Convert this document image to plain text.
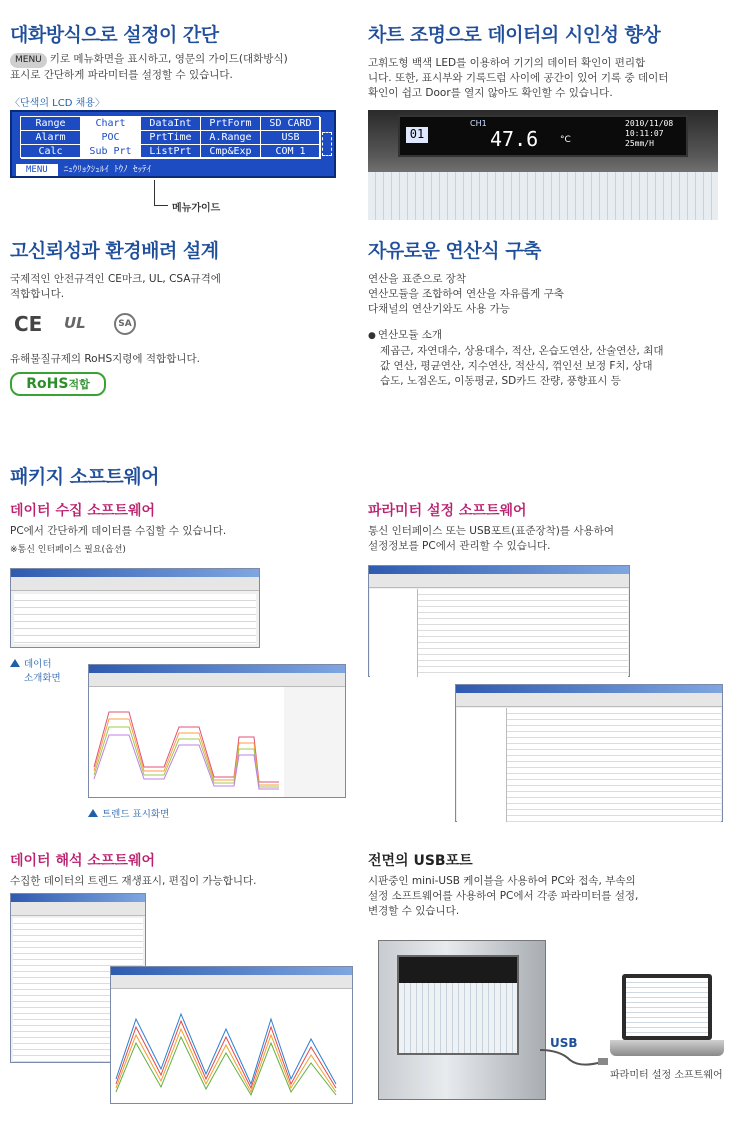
대화방식으로 설정이 간단
MENU 키로 메뉴화면을 표시하고, 영문의 가이드(대화방식)
표시로 간단하게 파라미터를 설정할 수 있습니다.
〈단색의 LCD 채용〉
Range	Chart	DataInt	PrtForm	SD CARD
Alarm	POC	PrtTime	A.Range	USB
Calc	Sub Prt	ListPrt	Cmp&Exp	COM 1
MENU ﾆｭｳﾘｮｸｼｭﾙｲ ﾄｳﾉ ｾｯﾃｲ
메뉴가이드
차트 조명으로 데이터의 시인성 향상
고휘도형 백색 LED를 이용하여 기기의 데이터 확인이 편리합
니다. 또한, 표시부와 기록드럼 사이에 공간이 있어 기록 중 데이터
확인이 쉽고 Door를 열지 않아도 확인할 수 있습니다.
01
CH1
47.6 °C
2010/11/08
10:11:07
25mm/H
고신뢰성과 환경배려 설계
국제적인 안전규격인 CE마크, UL, CSA규격에
적합합니다.
CE UL	SA
유해물질규제의 RoHS지령에 적합합니다.
RoHS적합
자유로운 연산식 구축
연산을 표준으로 장착
연산모듈을 조합하여 연산을 자유롭게 구축
다채널의 연산기와도 사용 가능
● 연산모듈 소개
제곱근, 자연대수, 상용대수, 적산, 온습도연산, 산술연산, 최대
값 연산, 평균연산, 지수연산, 적산식, 꺾인선 보정 F치, 상대
습도, 노점온도, 이동평균, SD카드 잔량, 풍향표시 등
패키지 소프트웨어
데이터 수집 소프트웨어
PC에서 간단하게 데이터를 수집할 수 있습니다.
※통신 인터페이스 필요(옵션)
데이터
소개화면
트렌드 표시화면
파라미터 설정 소프트웨어
통신 인터페이스 또는 USB포트(표준장착)를 사용하여
설정정보를 PC에서 관리할 수 있습니다.
데이터 해석 소프트웨어
수집한 데이터의 트렌드 재생표시, 편집이 가능합니다.
전면의 USB포트
시판중인 mini-USB 케이블을 사용하여 PC와 접속, 부속의
설정 소프트웨어를 사용하여 PC에서 각종 파라미터를 설정,
변경할 수 있습니다.
USB
파라미터 설정 소프트웨어
